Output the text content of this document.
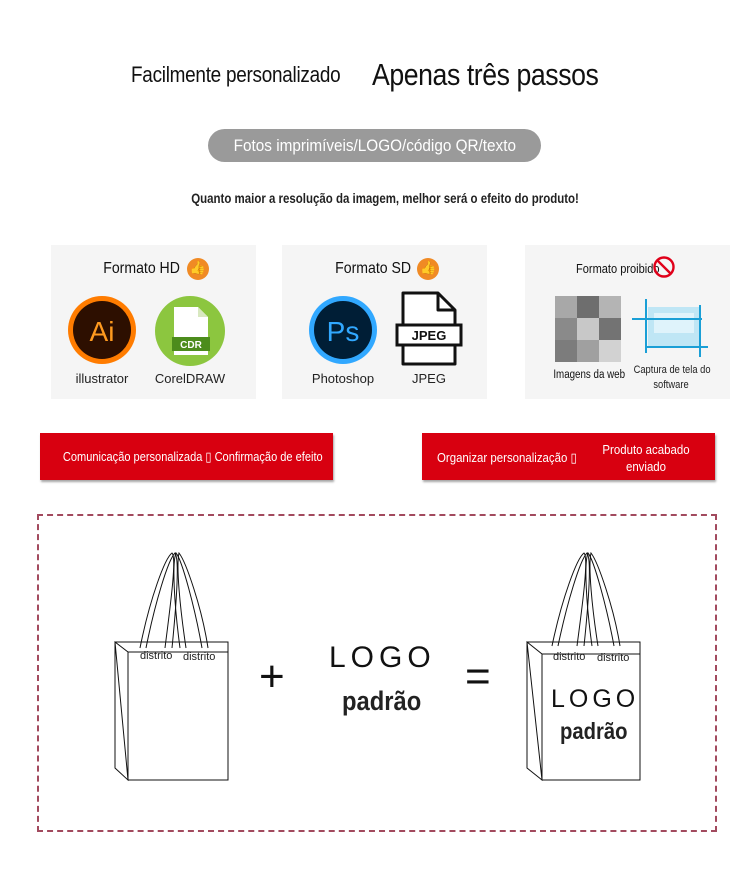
Facilmente personalizado Apenas três passos
Fotos imprimíveis/LOGO/código QR/texto
Quanto maior a resolução da imagem, melhor será o efeito do produto!
Formato HD👍
Ai
illustrator
CDR
CorelDRAW
Formato SD👍
Ps
Photoshop
JPEG
JPEG
Formato proibido
Imagens da web Captura de tela do
software
Comunicação personalizada ▯ Confirmação de efeito	Organizar personalização ▯
Produto acabado
enviado
distrito distrito + LOGO
padrão =	distrito distrito
LOGO
padrão
